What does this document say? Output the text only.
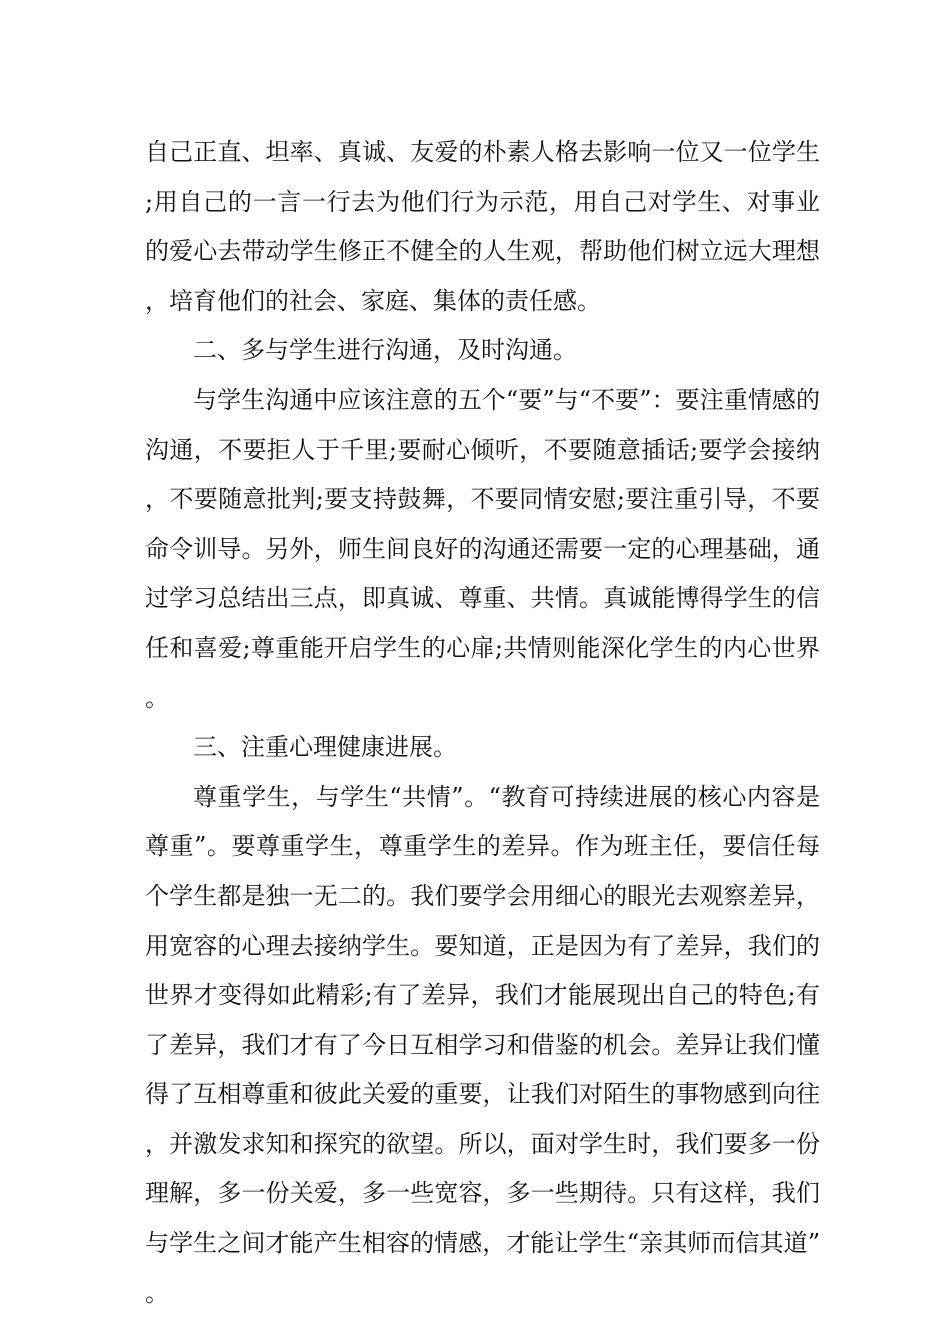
自己正直、坦率、真诚、友爱的朴素人格去影响一位又一位学生;用自己的一言一行去为他们行为示范，用自己对学生、对事业的爱心去带动学生修正不健全的人生观，帮助他们树立远大理想，培育他们的社会、家庭、集体的责任感。

二、多与学生进行沟通，及时沟通。

与学生沟通中应该注意的五个“要”与“不要”：要注重情感的沟通，不要拒人于千里;要耐心倾听，不要随意插话;要学会接纳，不要随意批判;要支持鼓舞，不要同情安慰;要注重引导，不要命令训导。另外，师生间良好的沟通还需要一定的心理基础，通过学习总结出三点，即真诚、尊重、共情。真诚能博得学生的信任和喜爱;尊重能开启学生的心扉;共情则能深化学生的内心世界。

三、注重心理健康进展。

尊重学生，与学生“共情”。“教育可持续进展的核心内容是尊重”。要尊重学生，尊重学生的差异。作为班主任，要信任每个学生都是独一无二的。我们要学会用细心的眼光去观察差异，用宽容的心理去接纳学生。要知道，正是因为有了差异，我们的世界才变得如此精彩;有了差异，我们才能展现出自己的特色;有了差异，我们才有了今日互相学习和借鉴的机会。差异让我们懂得了互相尊重和彼此关爱的重要，让我们对陌生的事物感到向往，并激发求知和探究的欲望。所以，面对学生时，我们要多一份理解，多一份关爱，多一些宽容，多一些期待。只有这样，我们与学生之间才能产生相容的情感，才能让学生“亲其师而信其道”。
